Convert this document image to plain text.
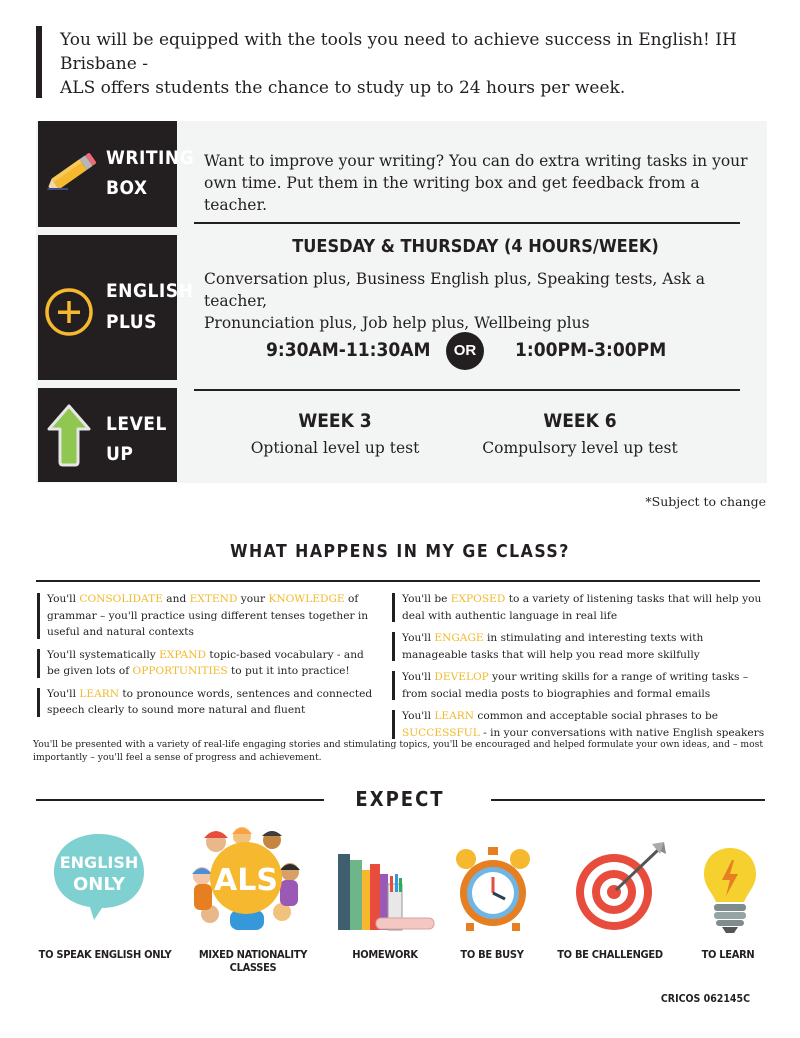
You will be equipped with the tools you need to achieve success in English! IH Brisbane -
ALS offers students the chance to study up to 24 hours per week.
WRITING
BOX
Want to improve your writing? You can do extra writing tasks in your
own time. Put them in the writing box and get feedback from a teacher.
ENGLISH
PLUS
TUESDAY & THURSDAY (4 HOURS/WEEK)
Conversation plus, Business English plus, Speaking tests, Ask a teacher,
Pronunciation plus, Job help plus, Wellbeing plus
9:30AM-11:30AM	OR	1:00PM-3:00PM
LEVEL
UP
WEEK 3
Optional level up test
WEEK 6
Compulsory level up test
*Subject to change
WHAT HAPPENS IN MY GE CLASS?
You'll CONSOLIDATE and EXTEND your KNOWLEDGE of grammar – you'll practice using different tenses together in useful and natural contexts
You'll systematically EXPAND topic-based vocabulary - and be given lots of OPPORTUNITIES to put it into practice!
You'll LEARN to pronounce words, sentences and connected speech clearly to sound more natural and fluent
You'll be EXPOSED to a variety of listening tasks that will help you deal with authentic language in real life
You'll ENGAGE in stimulating and interesting texts with manageable tasks that will help you read more skilfully
You'll DEVELOP your writing skills for a range of writing tasks – from social media posts to biographies and formal emails
You'll LEARN common and acceptable social phrases to be SUCCESSFUL - in your conversations with native English speakers
You'll be presented with a variety of real-life engaging stories and stimulating topics, you'll be encouraged and helped formulate your own ideas, and – most importantly – you'll feel a sense of progress and achievement.
EXPECT
ENGLISH
ONLY	ALS
TO SPEAK ENGLISH ONLY	MIXED NATIONALITY CLASSES
HOMEWORK	TO BE BUSY	TO BE CHALLENGED	TO LEARN
CRICOS 062145C
